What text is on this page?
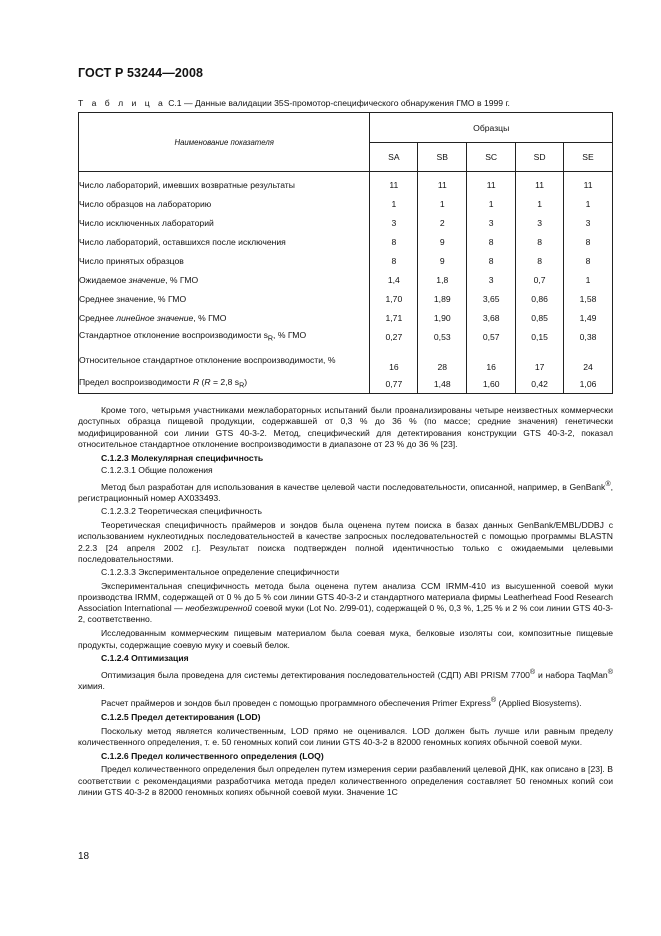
ГОСТ Р 53244—2008
Т а б л и ц а С.1 — Данные валидации 35S-промотор-специфического обнаружения ГМО в 1999 г.
Наименование показателя	Образцы				
	SA	SB	SC	SD	SE
Число лабораторий, имевших возвратные результаты	11	11	11	11	11
Число образцов на лабораторию	1	1	1	1	1
Число исключенных лабораторий	3	2	3	3	3
Число лабораторий, оставшихся после исключения	8	9	8	8	8
Число принятых образцов	8	9	8	8	8
Ожидаемое значение, % ГМО	1,4	1,8	3	0,7	1
Среднее значение, % ГМО	1,70	1,89	3,65	0,86	1,58
Среднее линейное значение, % ГМО	1,71	1,90	3,68	0,85	1,49
Стандартное отклонение воспроизводимости $s_R$, % ГМО	0,27	0,53	0,57	0,15	0,38
Относительное стандартное отклонение воспроизводимости, %	16	28	16	17	24
Предел воспроизводимости R (R = 2,8 $s_R$)	0,77	1,48	1,60	0,42	1,06

Кроме того, четырьмя участниками межлабораторных испытаний были проанализированы четыре неизвестных коммерчески доступных образца пищевой продукции, содержавшей от 0,3 % до 36 % (по массе; средние значения) генетически модифицированной сои линии GTS 40-3-2. Метод, специфический для детектирования конструкции GTS 40-3-2, показал относительное стандартное отклонение воспроизводимости в диапазоне от 23 % до 36 % [23].

С.1.2.3 Молекулярная специфичность

С.1.2.3.1 Общие положения

Метод был разработан для использования в качестве целевой части последовательности, описанной, например, в GenBank®, регистрационный номер AX033493.

С.1.2.3.2 Теоретическая специфичность

Теоретическая специфичность праймеров и зондов была оценена путем поиска в базах данных GenBank/EMBL/DDBJ с использованием нуклеотидных последовательностей в качестве запросных последовательностей с помощью программы BLASTN 2.2.3 [24 апреля 2002 г.]. Результат поиска подтвержден полной идентичностью только с ожидаемыми целевыми последовательностями.

С.1.2.3.3 Экспериментальное определение специфичности

Экспериментальная специфичность метода была оценена путем анализа CCM IRMM-410 из высушенной соевой муки производства IRMM, содержащей от 0 % до 5 % сои линии GTS 40-3-2 и стандартного материала фирмы Leatherhead Food Research Association International — необезжиренной соевой муки (Lot No. 2/99-01), содержащей 0 %, 0,3 %, 1,25 % и 2 % сои линии GTS 40-3-2, соответственно.

Исследованным коммерческим пищевым материалом была соевая мука, белковые изоляты сои, композитные пищевые продукты, содержащие соевую муку и соевый белок.

С.1.2.4 Оптимизация

Оптимизация была проведена для системы детектирования последовательностей (СДП) ABI PRISM 7700® и набора TaqMan® химия.

Расчет праймеров и зондов был проведен с помощью программного обеспечения Primer Express® (Applied Biosystems).

С.1.2.5 Предел детектирования (LOD)

Поскольку метод является количественным, LOD прямо не оценивался. LOD должен быть лучше или равным пределу количественного определения, т. е. 50 геномных копий сои линии GTS 40-3-2 в 82000 геномных копиях обычной соевой муки.

С.1.2.6 Предел количественного определения (LOQ)

Предел количественного определения был определен путем измерения серии разбавлений целевой ДНК, как описано в [23]. В соответствии с рекомендациями разработчика метода предел количественного определения составляет 50 геномных копий сои линии GTS 40-3-2 в 82000 геномных копиях обычной соевой муки. Значение 1С

18
